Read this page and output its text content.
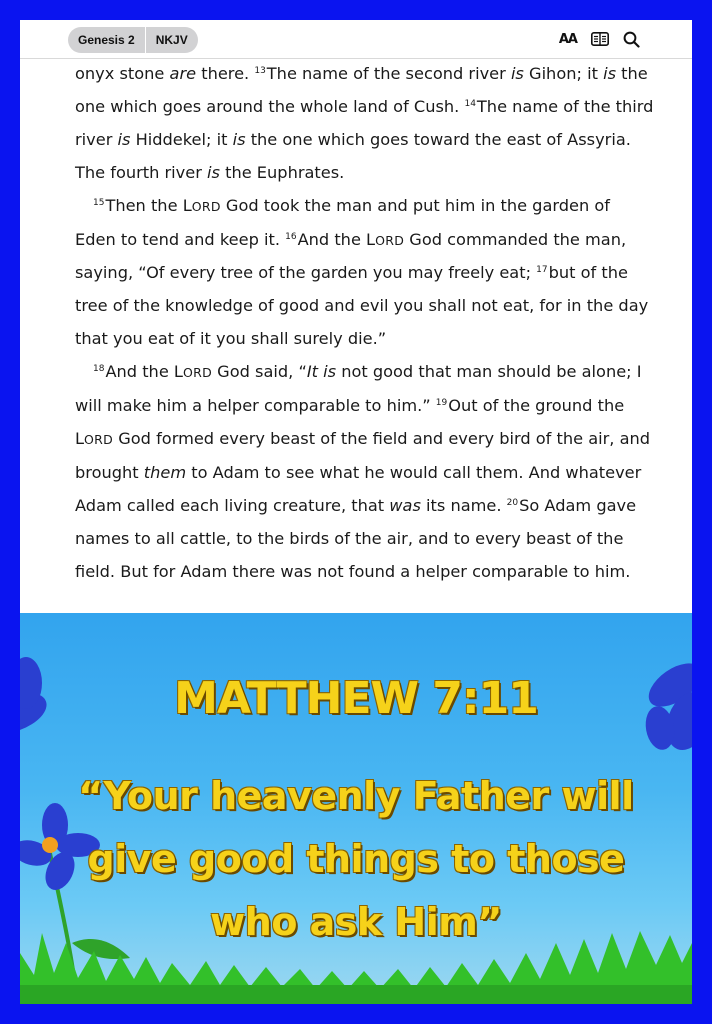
Genesis 2	NKJV	AA

onyx stone are there. $^{13}$The name of the second river is Gihon; it is the one which goes around the whole land of Cush. $^{14}$The name of the third river is Hiddekel; it is the one which goes toward the east of Assyria. The fourth river is the Euphrates.

$^{15}$Then the LORD God took the man and put him in the garden of Eden to tend and keep it. $^{16}$And the LORD God commanded the man, saying, “Of every tree of the garden you may freely eat; $^{17}$but of the tree of the knowledge of good and evil you shall not eat, for in the day that you eat of it you shall surely die.”

$^{18}$And the LORD God said, “It is not good that man should be alone; I will make him a helper comparable to him.” $^{19}$Out of the ground the LORD God formed every beast of the field and every bird of the air, and brought them to Adam to see what he would call them. And whatever Adam called each living creature, that was its name. $^{20}$So Adam gave names to all cattle, to the birds of the air, and to every beast of the field. But for Adam there was not found a helper comparable to him.

MATTHEW 7:11
“Your heavenly Father will
give good things to those
who ask Him”
